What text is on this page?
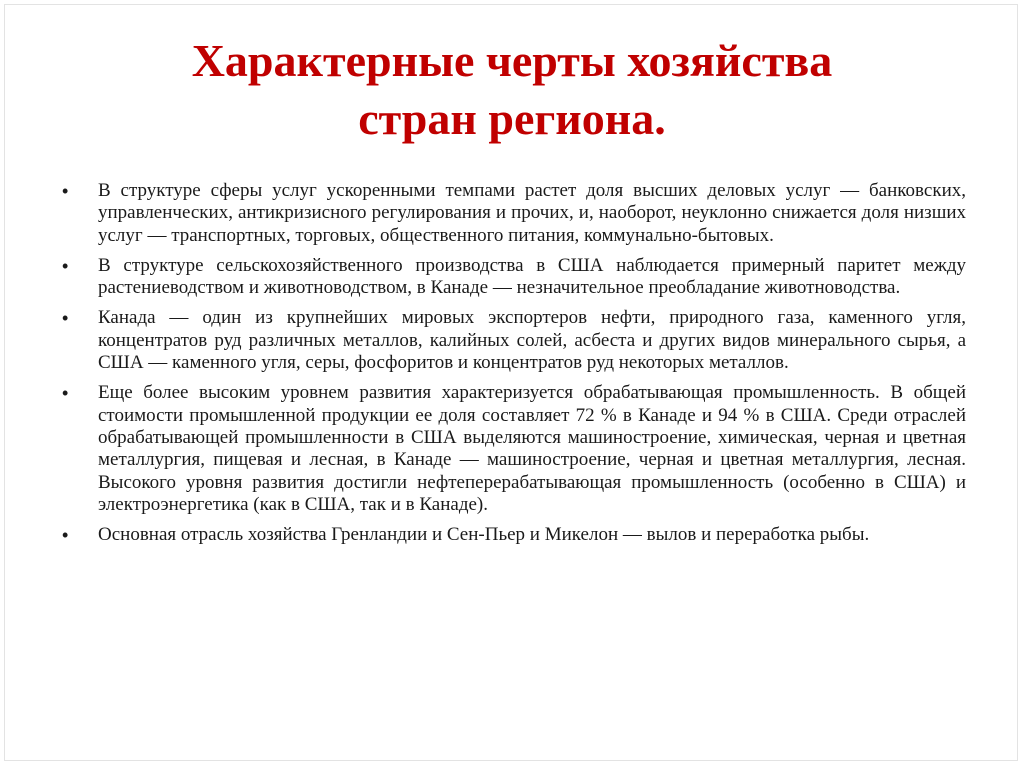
Характерные черты хозяйства
стран региона.
• В структуре сферы услуг ускоренными темпами растет доля высших деловых услуг — банковских, управленческих, антикризисного регулирования и прочих, и, наоборот, неуклонно снижается доля низших услуг — транспортных, торговых, общественного питания, коммунально-бытовых.
• В структуре сельскохозяйственного производства в США наблюдается примерный паритет между растениеводством и животноводством, в Канаде — незначительное преобладание животноводства.
• Канада — один из крупнейших мировых экспортеров нефти, природного газа, каменного угля, концентратов руд различных металлов, калийных солей, асбеста и других видов минерального сырья, а США — каменного угля, серы, фосфоритов и концентратов руд некоторых металлов.
• Еще более высоким уровнем развития характеризуется обрабатывающая промышленность. В общей стоимости промышленной продукции ее доля составляет 72 % в Канаде и 94 % в США. Среди отраслей обрабатывающей промышленности в США выделяются машиностроение, химическая, черная и цветная металлургия, пищевая и лесная, в Канаде — машиностроение, черная и цветная металлургия, лесная. Высокого уровня развития достигли нефтеперерабатывающая промышленность (особенно в США) и электроэнергетика (как в США, так и в Канаде).
• Основная отрасль хозяйства Гренландии и Сен-Пьер и Микелон — вылов и переработка рыбы.
